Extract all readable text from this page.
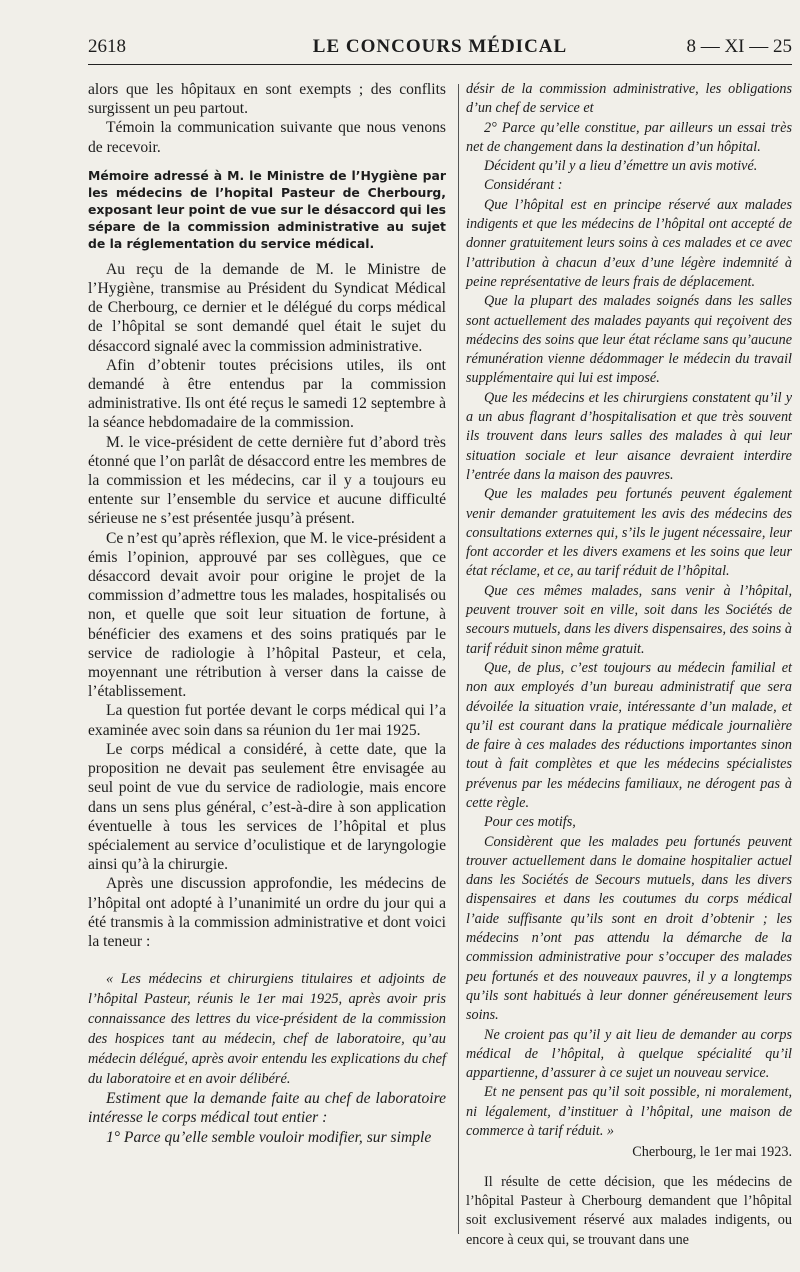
2618	LE CONCOURS MÉDICAL	8 — XI — 25

alors que les hôpitaux en sont exempts ; des conflits surgissent un peu partout.

Témoin la communication suivante que nous venons de recevoir.

Mémoire adressé à M. le Ministre de l’Hygiène par les médecins de l’hopital Pasteur de Cherbourg, exposant leur point de vue sur le désaccord qui les sépare de la commission administrative au sujet de la réglementation du service médical.

Au reçu de la demande de M. le Ministre de l’Hygiène, transmise au Président du Syndicat Médical de Cherbourg, ce dernier et le délégué du corps médical de l’hôpital se sont demandé quel était le sujet du désaccord signalé avec la commission administrative.

Afin d’obtenir toutes précisions utiles, ils ont demandé à être entendus par la commission administrative. Ils ont été reçus le samedi 12 septembre à la séance hebdomadaire de la commission.

M. le vice-président de cette dernière fut d’abord très étonné que l’on parlât de désaccord entre les membres de la commission et les médecins, car il y a toujours eu entente sur l’ensemble du service et aucune difficulté sérieuse ne s’est présentée jusqu’à présent.

Ce n’est qu’après réflexion, que M. le vice-président a émis l’opinion, approuvé par ses collègues, que ce désaccord devait avoir pour origine le projet de la commission d’admettre tous les malades, hospitalisés ou non, et quelle que soit leur situation de fortune, à bénéficier des examens et des soins pratiqués par le service de radiologie à l’hôpital Pasteur, et cela, moyennant une rétribution à verser dans la caisse de l’établissement.

La question fut portée devant le corps médical qui l’a examinée avec soin dans sa réunion du 1er mai 1925.

Le corps médical a considéré, à cette date, que la proposition ne devait pas seulement être envisagée au seul point de vue du service de radiologie, mais encore dans un sens plus général, c’est-à-dire à son application éventuelle à tous les services de l’hôpital et plus spécialement au service d’oculistique et de laryngologie ainsi qu’à la chirurgie.

Après une discussion approfondie, les médecins de l’hôpital ont adopté à l’unanimité un ordre du jour qui a été transmis à la commission administrative et dont voici la teneur :

« Les médecins et chirurgiens titulaires et adjoints de l’hôpital Pasteur, réunis le 1er mai 1925, après avoir pris connaissance des lettres du vice-président de la commission des hospices tant au médecin, chef de laboratoire, qu’au médecin délégué, après avoir entendu les explications du chef du laboratoire et en avoir délibéré.

Estiment que la demande faite au chef de laboratoire intéresse le corps médical tout entier :

1° Parce qu’elle semble vouloir modifier, sur simple

désir de la commission administrative, les obligations d’un chef de service et

2° Parce qu’elle constitue, par ailleurs un essai très net de changement dans la destination d’un hôpital.

Décident qu’il y a lieu d’émettre un avis motivé.

Considérant :

Que l’hôpital est en principe réservé aux malades indigents et que les médecins de l’hôpital ont accepté de donner gratuitement leurs soins à ces malades et ce avec l’attribution à chacun d’eux d’une légère indemnité à peine représentative de leurs frais de déplacement.

Que la plupart des malades soignés dans les salles sont actuellement des malades payants qui reçoivent des médecins des soins que leur état réclame sans qu’aucune rémunération vienne dédommager le médecin du travail supplémentaire qui lui est imposé.

Que les médecins et les chirurgiens constatent qu’il y a un abus flagrant d’hospitalisation et que très souvent ils trouvent dans leurs salles des malades à qui leur situation sociale et leur aisance devraient interdire l’entrée dans la maison des pauvres.

Que les malades peu fortunés peuvent également venir demander gratuitement les avis des médecins des consultations externes qui, s’ils le jugent nécessaire, leur font accorder et les divers examens et les soins que leur état réclame, et ce, au tarif réduit de l’hôpital.

Que ces mêmes malades, sans venir à l’hôpital, peuvent trouver soit en ville, soit dans les Sociétés de secours mutuels, dans les divers dispensaires, des soins à tarif réduit sinon même gratuit.

Que, de plus, c’est toujours au médecin familial et non aux employés d’un bureau administratif que sera dévoilée la situation vraie, intéressante d’un malade, et qu’il est courant dans la pratique médicale journalière de faire à ces malades des réductions importantes sinon tout à fait complètes et que les médecins spécialistes prévenus par les médecins familiaux, ne dérogent pas à cette règle.

Pour ces motifs,

Considèrent que les malades peu fortunés peuvent trouver actuellement dans le domaine hospitalier actuel dans les Sociétés de Secours mutuels, dans les divers dispensaires et dans les coutumes du corps médical l’aide suffisante qu’ils sont en droit d’obtenir ; les médecins n’ont pas attendu la démarche de la commission administrative pour s’occuper des malades peu fortunés et des nouveaux pauvres, il y a longtemps qu’ils sont habitués à leur donner généreusement leurs soins.

Ne croient pas qu’il y ait lieu de demander au corps médical de l’hôpital, à quelque spécialité qu’il appartienne, d’assurer à ce sujet un nouveau service.

Et ne pensent pas qu’il soit possible, ni moralement, ni légalement, d’instituer à l’hôpital, une maison de commerce à tarif réduit. »

Cherbourg, le 1er mai 1923.

Il résulte de cette décision, que les médecins de l’hôpital Pasteur à Cherbourg demandent que l’hôpital soit exclusivement réservé aux malades indigents, ou encore à ceux qui, se trouvant dans une
